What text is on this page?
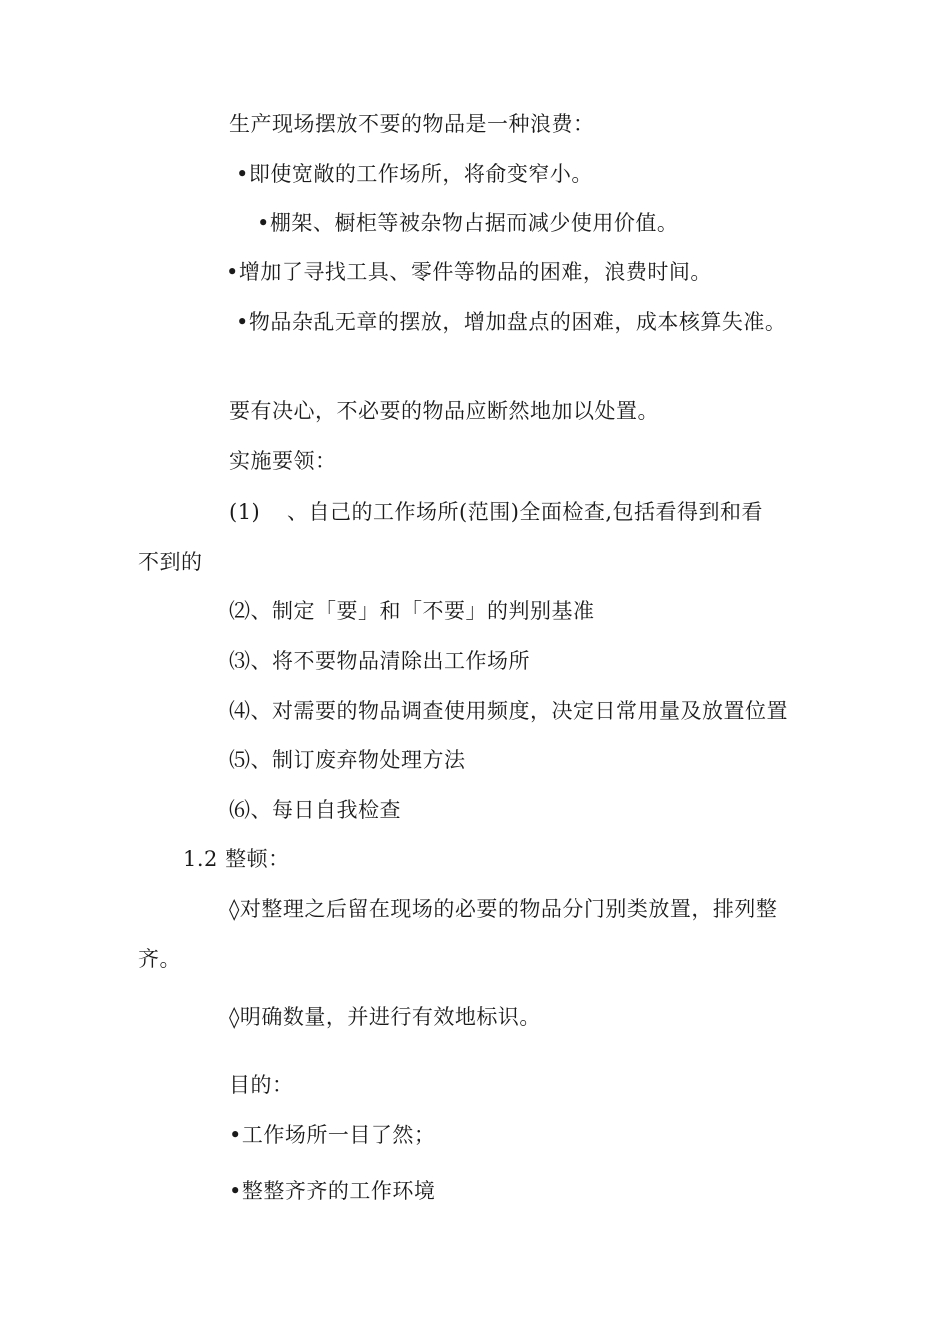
生产现场摆放不要的物品是一种浪费：
•即使宽敞的工作场所，将俞变窄小。
•棚架、橱柜等被杂物占据而减少使用价值。
•增加了寻找工具、零件等物品的困难，浪费时间。
•物品杂乱无章的摆放，增加盘点的困难，成本核算失准。
要有决心，不必要的物品应断然地加以处置。
实施要领：
(1) 、自己的工作场所(范围)全面检查,包括看得到和看
不到的
⑵、制定「要」和「不要」的判别基准
⑶、将不要物品清除出工作场所
⑷、对需要的物品调查使用频度，决定日常用量及放置位置
⑸、制订废弃物处理方法
⑹、每日自我检查
1.2 整顿：
◊对整理之后留在现场的必要的物品分门别类放置，排列整
齐。
◊明确数量，并进行有效地标识。
目的：
•工作场所一目了然；
•整整齐齐的工作环境
